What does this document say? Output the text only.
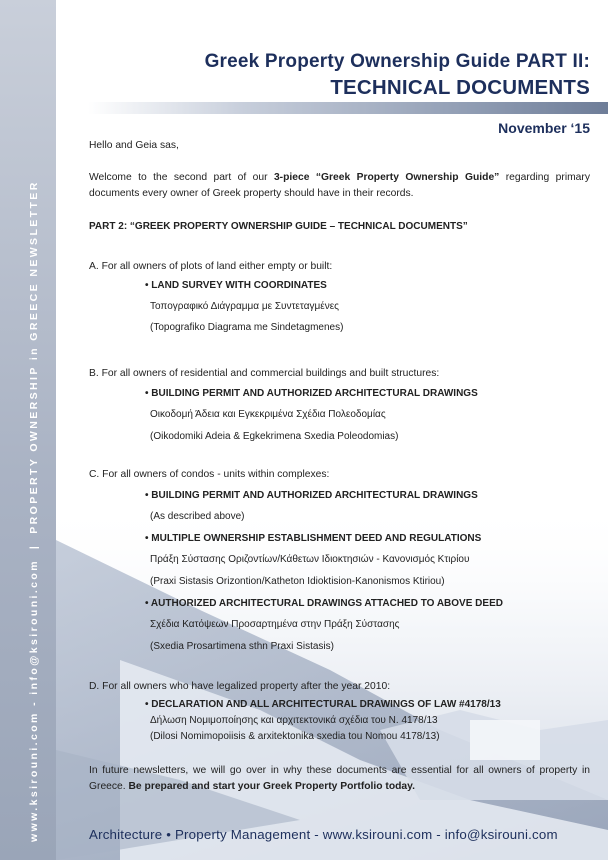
www.ksirouni.com - info@ksirouni.com|PROPERTY OWNERSHIP in GREECE NEWSLETTER
Greek Property Ownership Guide PART II:
TECHNICAL DOCUMENTS
November ‘15
Hello and Geia sas,
Welcome to the second part of our 3-piece “Greek Property Ownership Guide” regarding primary documents every owner of Greek property should have in their records.
PART 2: “GREEK PROPERTY OWNERSHIP GUIDE – TECHNICAL DOCUMENTS”
A. For all owners of plots of land either empty or built:
• LAND SURVEY WITH COORDINATES
Τοπογραφικό Διάγραμμα με Συντεταγμένες
(Topografiko Diagrama me Sindetagmenes)
B. For all owners of residential and commercial buildings and built structures:
• BUILDING PERMIT AND AUTHORIZED ARCHITECTURAL DRAWINGS
Οικοδομή Άδεια και Εγκεκριμένα Σχέδια Πολεοδομίας
(Oikodomiki Adeia & Egkekrimena Sxedia Poleodomias)
C. For all owners of condos - units within complexes:
• BUILDING PERMIT AND AUTHORIZED ARCHITECTURAL DRAWINGS
(As described above)
• MULTIPLE OWNERSHIP ESTABLISHMENT DEED AND REGULATIONS
Πράξη Σύστασης Οριζοντίων/Κάθετων Ιδιοκτησιών - Κανονισμός Κτιρίου
(Praxi Sistasis Orizontion/Katheton Idioktision-Kanonismos Ktiriou)
• AUTHORIZED ARCHITECTURAL DRAWINGS ATTACHED TO ABOVE DEED
Σχέδια Κατόψεων Προσαρτημένα στην Πράξη Σύστασης
(Sxedia Prosartimena sthn Praxi Sistasis)
D. For all owners who have legalized property after the year 2010:
• DECLARATION AND ALL ARCHITECTURAL DRAWINGS OF LAW #4178/13
Δήλωση Νομιμοποίησης και αρχιτεκτονικά σχέδια του Ν. 4178/13
(Dilosi Nomimopoiisis & arxitektonika sxedia tou Nomou 4178/13)
In future newsletters, we will go over in why these documents are essential for all owners of property in Greece. Be prepared and start your Greek Property Portfolio today.
Architecture • Property Management - www.ksirouni.com - info@ksirouni.com
